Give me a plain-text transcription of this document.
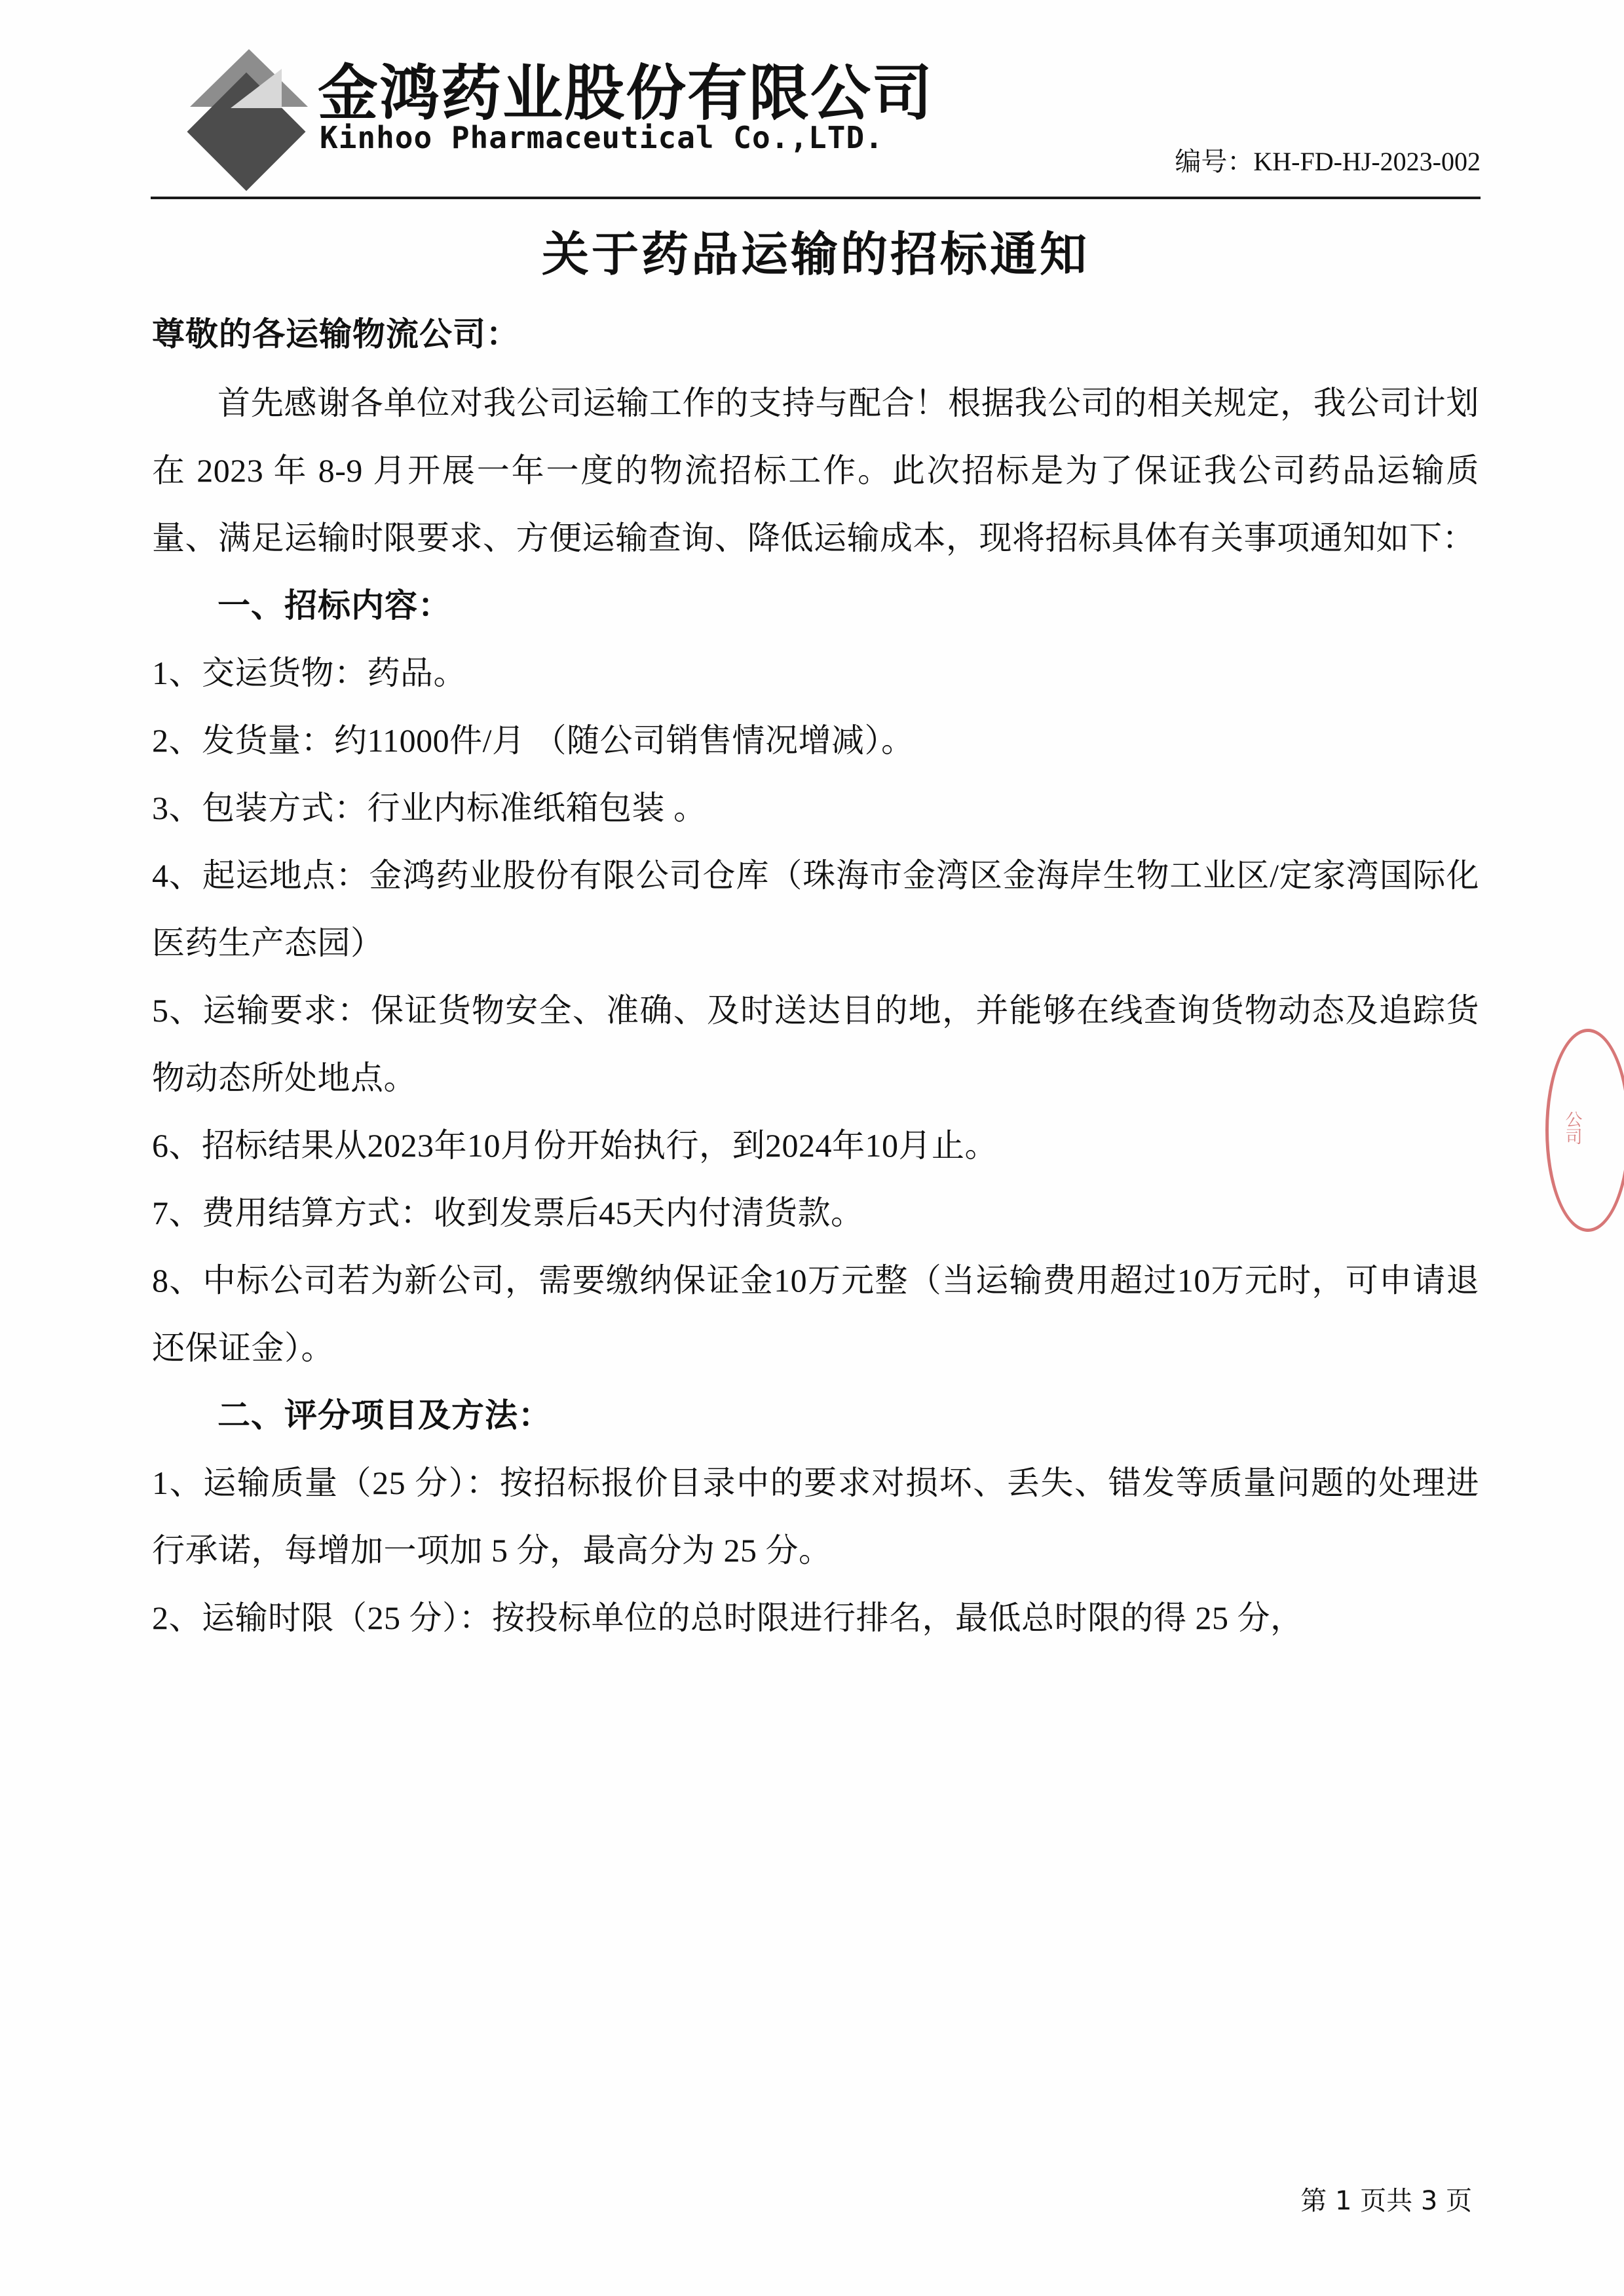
金鸿药业股份有限公司
Kinhoo Pharmaceutical Co.,LTD.
编号：KH-FD-HJ-2023-002
关于药品运输的招标通知

尊敬的各运输物流公司：

首先感谢各单位对我公司运输工作的支持与配合！根据我公司的相关规定，我公司计划在 2023 年 8-9 月开展一年一度的物流招标工作。此次招标是为了保证我公司药品运输质量、满足运输时限要求、方便运输查询、降低运输成本，现将招标具体有关事项通知如下：

一、招标内容：

1、交运货物：药品。

2、发货量：约11000件/月 （随公司销售情况增减）。

3、包装方式：行业内标准纸箱包装 。

4、起运地点：金鸿药业股份有限公司仓库（珠海市金湾区金海岸生物工业区/定家湾国际化医药生产态园）

5、运输要求：保证货物安全、准确、及时送达目的地，并能够在线查询货物动态及追踪货物动态所处地点。

6、招标结果从2023年10月份开始执行，到2024年10月止。

7、费用结算方式：收到发票后45天内付清货款。

8、中标公司若为新公司，需要缴纳保证金10万元整（当运输费用超过10万元时，可申请退还保证金）。

二、评分项目及方法：

1、运输质量（25 分）：按招标报价目录中的要求对损坏、丢失、错发等质量问题的处理进行承诺，每增加一项加 5 分，最高分为 25 分。

2、运输时限（25 分）：按投标单位的总时限进行排名，最低总时限的得 25 分，

公司
第 1 页共 3 页
